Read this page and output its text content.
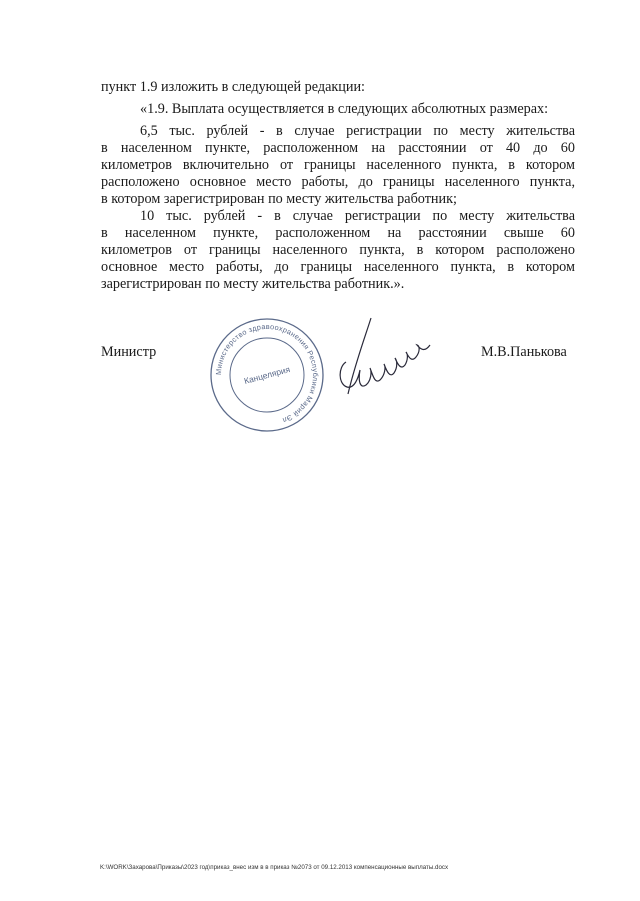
пункт 1.9 изложить в следующей редакции:
«1.9. Выплата осуществляется в следующих абсолютных размерах:
6,5 тыс. рублей - в случае регистрации по месту жительства
в населенном пункте, расположенном на расстоянии от 40 до 60
километров включительно от границы населенного пункта, в котором
расположено основное место работы, до границы населенного пункта,
в котором зарегистрирован по месту жительства работник;
10 тыс. рублей - в случае регистрации по месту жительства
в населенном пункте, расположенном на расстоянии свыше 60
километров от границы населенного пункта, в котором расположено
основное место работы, до границы населенного пункта, в котором
зарегистрирован по месту жительства работник.».
Министр	М.В.Панькова
Министерство здравоохранения Республики Марий Эл
Канцелярия
K:\WORK\Захарова\Приказы\2023 год\приказ_внес изм в в приказ №2073 от 09.12.2013 компенсационные выплаты.docx
